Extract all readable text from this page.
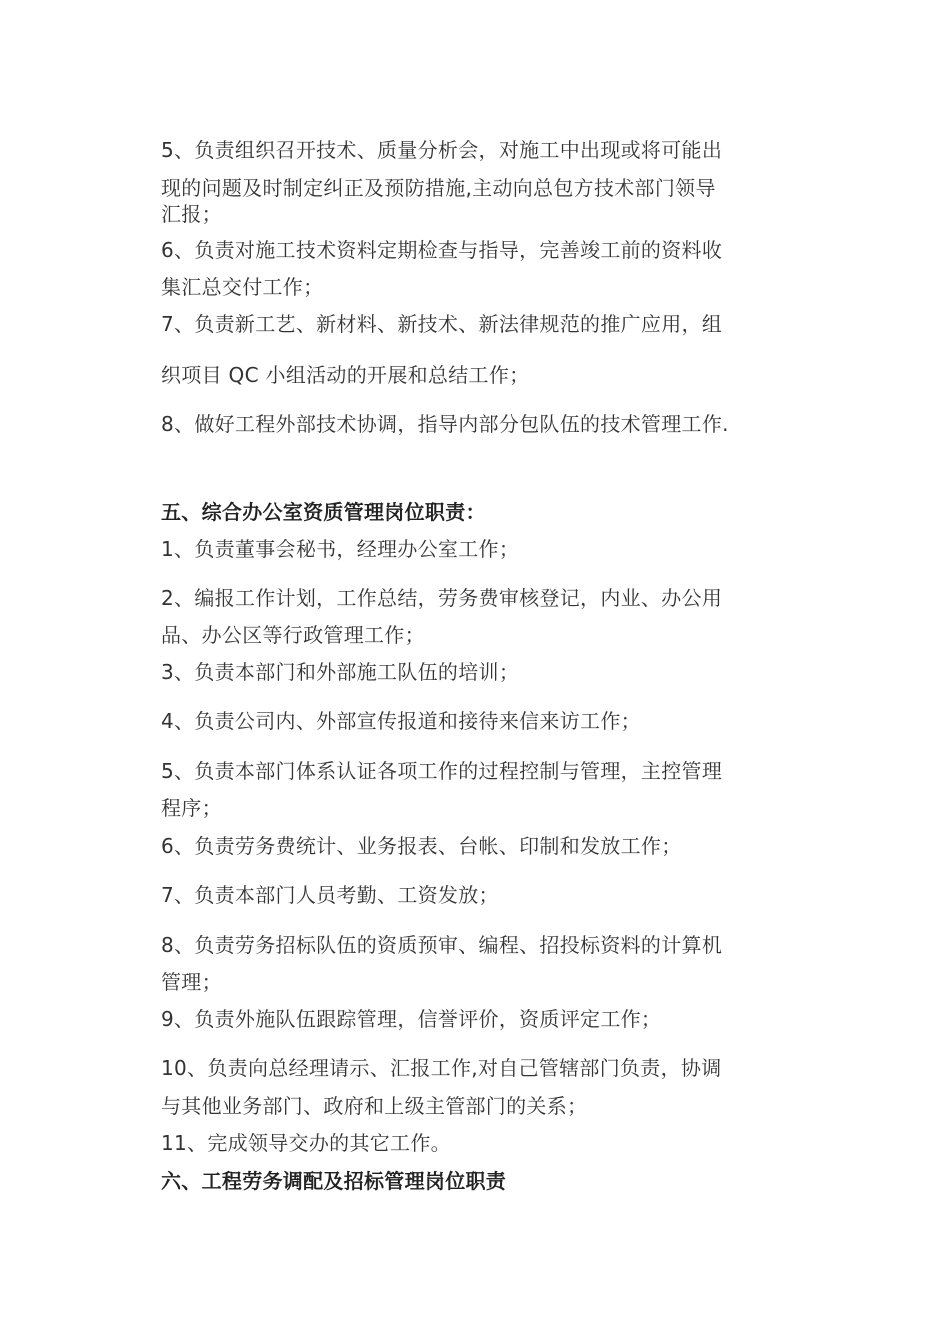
5、负责组织召开技术、质量分析会，对施工中出现或将可能出
现的问题及时制定纠正及预防措施,主动向总包方技术部门领导
汇报；
6、负责对施工技术资料定期检查与指导，完善竣工前的资料收
集汇总交付工作；
7、负责新工艺、新材料、新技术、新法律规范的推广应用，组
织项目 QC 小组活动的开展和总结工作；
8、做好工程外部技术协调，指导内部分包队伍的技术管理工作.
五、综合办公室资质管理岗位职责：
1、负责董事会秘书，经理办公室工作；
2、编报工作计划，工作总结，劳务费审核登记，内业、办公用
品、办公区等行政管理工作；
3、负责本部门和外部施工队伍的培训；
4、负责公司内、外部宣传报道和接待来信来访工作；
5、负责本部门体系认证各项工作的过程控制与管理，主控管理
程序；
6、负责劳务费统计、业务报表、台帐、印制和发放工作；
7、负责本部门人员考勤、工资发放；
8、负责劳务招标队伍的资质预审、编程、招投标资料的计算机
管理；
9、负责外施队伍跟踪管理，信誉评价，资质评定工作；
10、负责向总经理请示、汇报工作,对自己管辖部门负责，协调
与其他业务部门、政府和上级主管部门的关系；
11、完成领导交办的其它工作。
六、工程劳务调配及招标管理岗位职责
